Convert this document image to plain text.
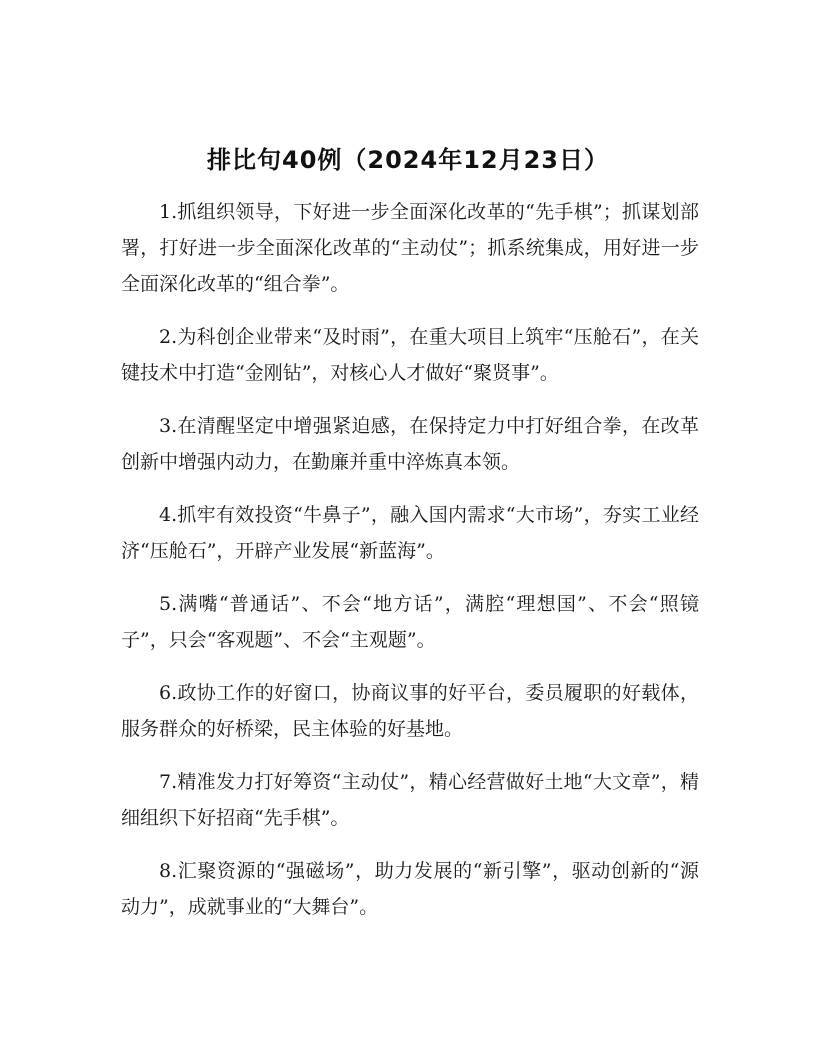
排比句40例（2024年12月23日）

1.抓组织领导，下好进一步全面深化改革的“先手棋”；抓谋划部署，打好进一步全面深化改革的“主动仗”；抓系统集成，用好进一步全面深化改革的“组合拳”。

2.为科创企业带来“及时雨”，在重大项目上筑牢“压舱石”，在关键技术中打造“金刚钻”，对核心人才做好“聚贤事”。

3.在清醒坚定中增强紧迫感，在保持定力中打好组合拳，在改革创新中增强内动力，在勤廉并重中淬炼真本领。

4.抓牢有效投资“牛鼻子”，融入国内需求“大市场”，夯实工业经济“压舱石”，开辟产业发展“新蓝海”。

5.满嘴“普通话”、不会“地方话”，满腔“理想国”、不会“照镜子”，只会“客观题”、不会“主观题”。

6.政协工作的好窗口，协商议事的好平台，委员履职的好载体，服务群众的好桥梁，民主体验的好基地。

7.精准发力打好筹资“主动仗”，精心经营做好土地“大文章”，精细组织下好招商“先手棋”。

8.汇聚资源的“强磁场”，助力发展的“新引擎”，驱动创新的“源动力”，成就事业的“大舞台”。
